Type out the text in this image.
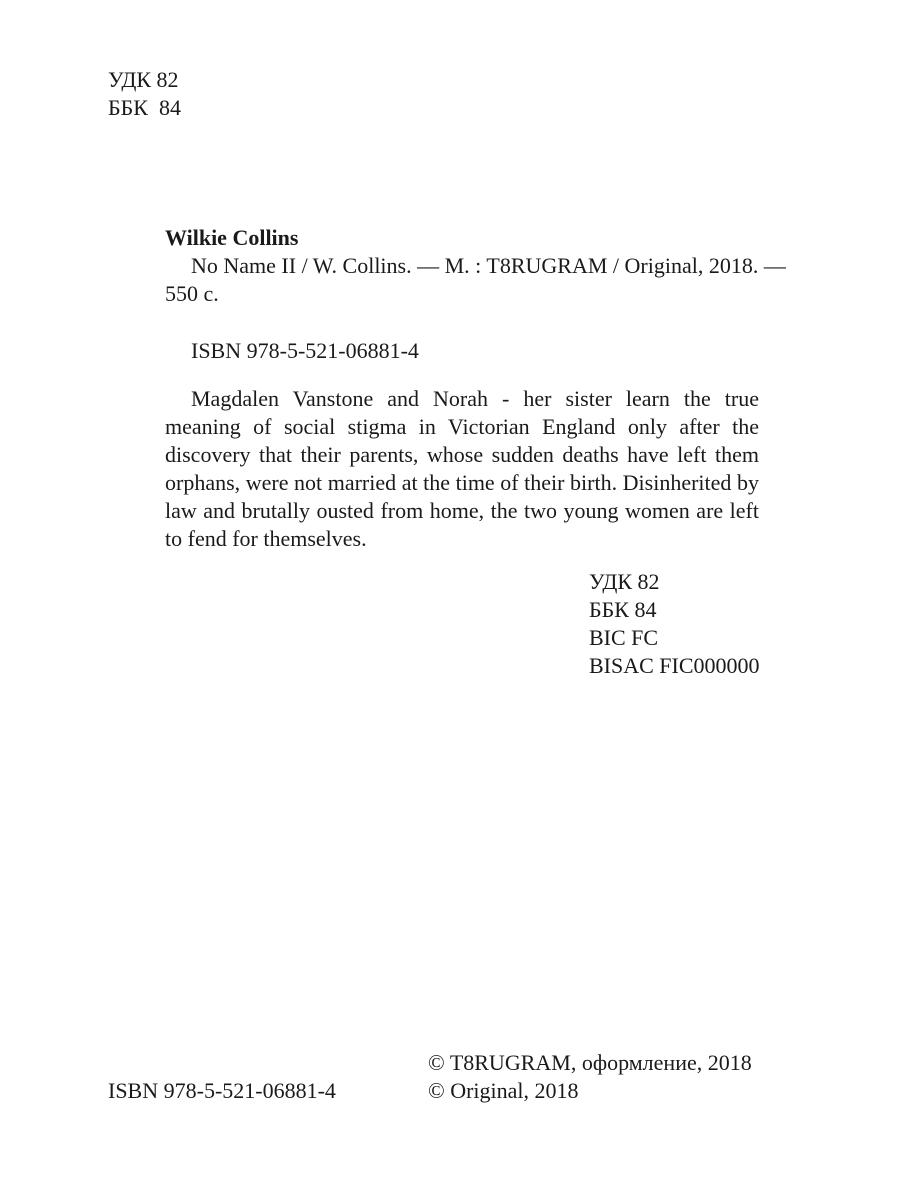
УДК 82
ББК  84
Wilkie Collins
No Name II / W. Collins. — M. : T8RUGRAM / Original, 2018. —
550 c.
ISBN 978-5-521-06881-4
Magdalen Vanstone and Norah - her sister learn the true meaning of social stigma in Victorian England only after the discovery that their parents, whose sudden deaths have left them orphans, were not married at the time of their birth. Disinherited by law and brutally ousted from home, the two young women are left to fend for themselves.
УДК 82
ББК 84
BIC FC
BISAC FIC000000
© T8RUGRAM, оформление, 2018
© Original, 2018
ISBN 978-5-521-06881-4
